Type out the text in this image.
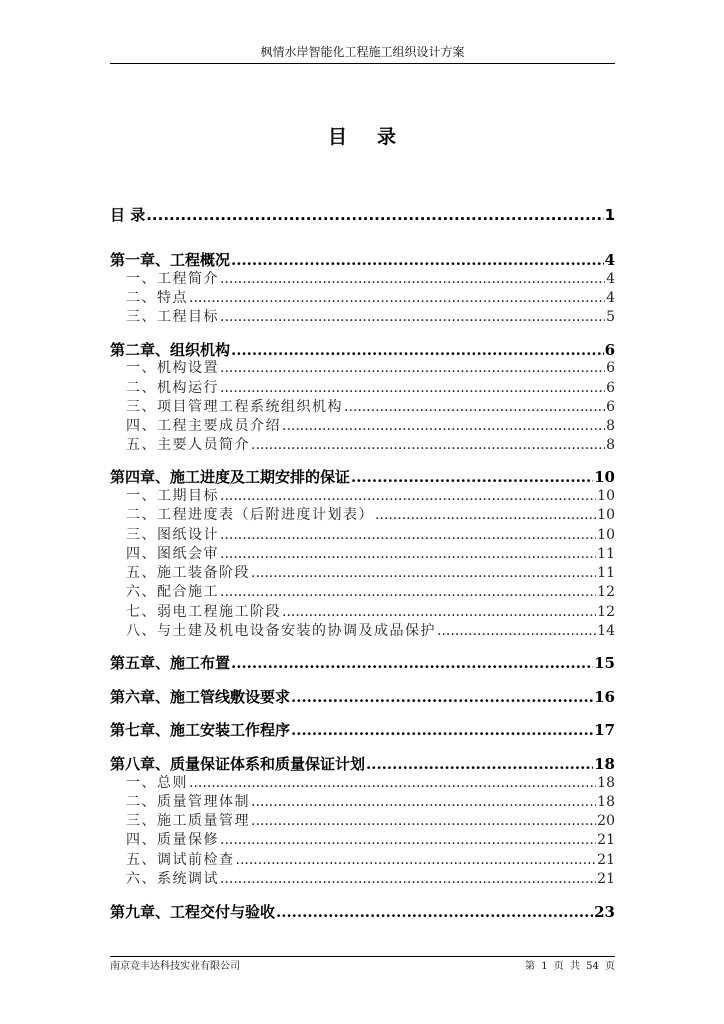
枫情水岸智能化工程施工组织设计方案
目 录
目 录 .....	1
第一章、工程概况 .....	4
一、工程简介 .....	4
二、特点 .....	4
三、工程目标 .....	5
第二章、组织机构 .....	6
一、机构设置 .....	6
二、机构运行 .....	6
三、项目管理工程系统组织机构 .....	6
四、工程主要成员介绍 .....	8
五、主要人员简介 .....	8
第四章、施工进度及工期安排的保证 .....	10
一、工期目标 .....	10
二、工程进度表（后附进度计划表） .....	10
三、图纸设计 .....	10
四、图纸会审 .....	11
五、施工装备阶段 .....	11
六、配合施工 .....	12
七、弱电工程施工阶段 .....	12
八、与土建及机电设备安装的协调及成品保护 .....	14
第五章、施工布置 .....	15
第六章、施工管线敷设要求 .....	16
第七章、施工安装工作程序 .....	17
第八章、质量保证体系和质量保证计划 .....	18
一、总则 .....	18
二、质量管理体制 .....	18
三、施工质量管理 .....	20
四、质量保修 .....	21
五、调试前检查 .....	21
六、系统调试 .....	21
第九章、工程交付与验收 .....	23
南京竞丰达科技实业有限公司	第 1 页 共 54 页
